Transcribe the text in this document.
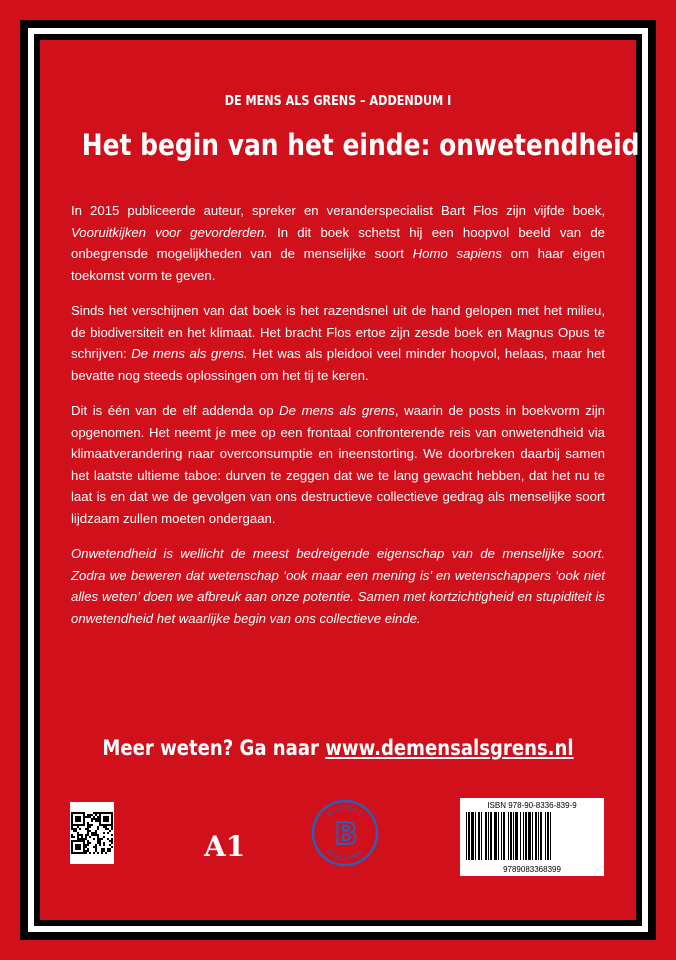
DE MENS ALS GRENS – ADDENDUM I
Het begin van het einde: onwetendheid

In 2015 publiceerde auteur, spreker en veranderspecialist Bart Flos zijn vijfde boek, Vooruitkijken voor gevorderden. In dit boek schetst hij een hoopvol beeld van de onbegrensde mogelijkheden van de menselijke soort Homo sapiens om haar eigen toekomst vorm te geven.

Sinds het verschijnen van dat boek is het razendsnel uit de hand gelopen met het milieu, de biodiversiteit en het klimaat. Het bracht Flos ertoe zijn zesde boek en Magnus Opus te schrijven: De mens als grens. Het was als pleidooi veel minder hoopvol, helaas, maar het bevatte nog steeds oplossingen om het tij te keren.

Dit is één van de elf addenda op De mens als grens, waarin de posts in boekvorm zijn opgenomen. Het neemt je mee op een frontaal confronterende reis van onwetendheid via klimaatverandering naar overconsumptie en ineenstorting. We doorbreken daarbij samen het laatste ultieme taboe: durven te zeggen dat we te lang gewacht hebben, dat het nu te laat is en dat we de gevolgen van ons destructieve collectieve gedrag als menselijke soort lijdzaam zullen moeten ondergaan.

Onwetendheid is wellicht de meest bedreigende eigenschap van de menselijke soort. Zodra we beweren dat wetenschap ‘ook maar een mening is’ en wetenschappers ‘ook niet alles weten’ doen we afbreuk aan onze potentie. Samen met kortzichtigheid en stupiditeit is onwetendheid het waarlijke begin van ons collectieve einde.

Meer weten? Ga naar www.demensalsgrens.nl
A1
BLIJVEND
BEKLIJVEN
B
ISBN 978-90-8336-839-9
9789083368399
